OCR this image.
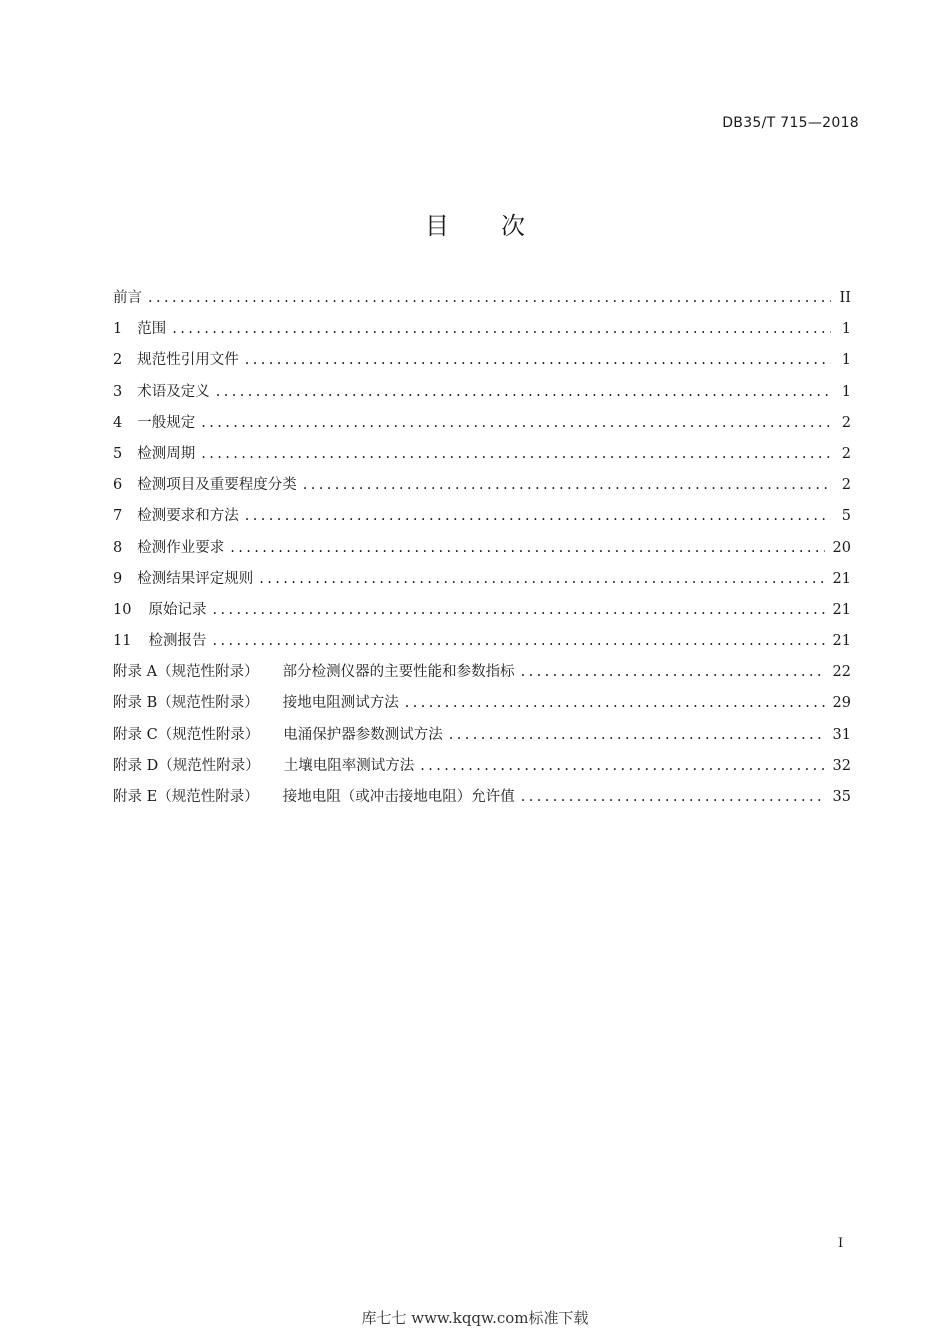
DB35/T 715—2018
目次
前言 .....	II
1 范围 .....	1
2 规范性引用文件 .....	1
3 术语及定义 .....	1
4 一般规定 .....	2
5 检测周期 .....	2
6 检测项目及重要程度分类 .....	2
7 检测要求和方法 .....	5
8 检测作业要求 .....	20
9 检测结果评定规则 .....	21
10 原始记录 .....	21
11 检测报告 .....	21
附录 A（规范性附录） 部分检测仪器的主要性能和参数指标 .....	22
附录 B（规范性附录） 接地电阻测试方法 .....	29
附录 C（规范性附录） 电涌保护器参数测试方法 .....	31
附录 D（规范性附录） 土壤电阻率测试方法 .....	32
附录 E（规范性附录） 接地电阻（或冲击接地电阻）允许值 .....	35
I
库七七 www.kqqw.com标准下载
